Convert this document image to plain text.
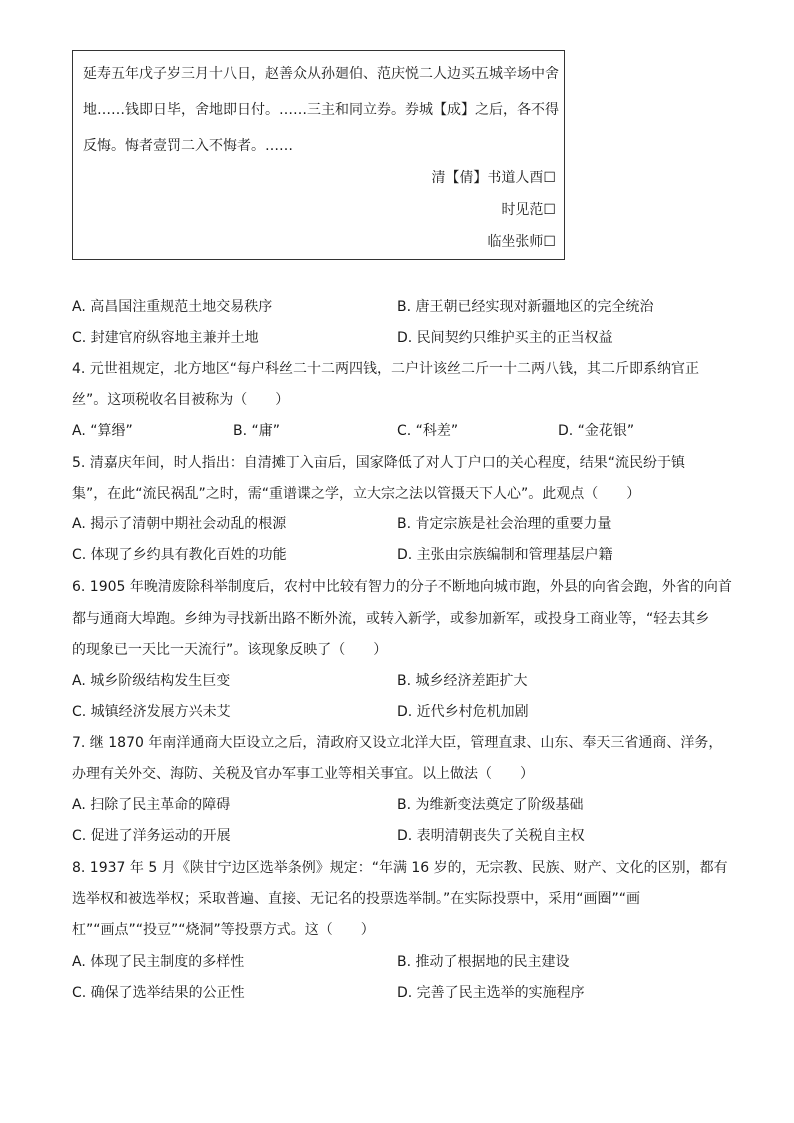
延寿五年戊子岁三月十八日，赵善众从孙廻伯、范庆悦二人边买五城辛场中舍
地……钱即日毕，舍地即日付。……三主和同立券。券城【成】之后，各不得
反悔。悔者壹罚二入不悔者。……
清【倩】书道人酉☐
时见范☐
临坐张师☐
A. 高昌国注重规范土地交易秩序	B. 唐王朝已经实现对新疆地区的完全统治
C. 封建官府纵容地主兼并土地	D. 民间契约只维护买主的正当权益
4. 元世祖规定，北方地区“每户科丝二十二两四钱，二户计该丝二斤一十二两八钱，其二斤即系纳官正
丝”。这项税收名目被称为（　　）
A. “算缗”	B. “庸”	C. “科差”	D. “金花银”
5. 清嘉庆年间，时人指出：自清摊丁入亩后，国家降低了对人丁户口的关心程度，结果“流民纷于镇
集”，在此“流民祸乱”之时，需“重谱谍之学，立大宗之法以管摄天下人心”。此观点（　　）
A. 揭示了清朝中期社会动乱的根源	B. 肯定宗族是社会治理的重要力量
C. 体现了乡约具有教化百姓的功能	D. 主张由宗族编制和管理基层户籍
6. 1905 年晚清废除科举制度后，农村中比较有智力的分子不断地向城市跑，外县的向省会跑，外省的向首
都与通商大埠跑。乡绅为寻找新出路不断外流，或转入新学，或参加新军，或投身工商业等，“轻去其乡
的现象已一天比一天流行”。该现象反映了（　　）
A. 城乡阶级结构发生巨变	B. 城乡经济差距扩大
C. 城镇经济发展方兴未艾	D. 近代乡村危机加剧
7. 继 1870 年南洋通商大臣设立之后，清政府又设立北洋大臣，管理直隶、山东、奉天三省通商、洋务，
办理有关外交、海防、关税及官办军事工业等相关事宜。以上做法（　　）
A. 扫除了民主革命的障碍	B. 为维新变法奠定了阶级基础
C. 促进了洋务运动的开展	D. 表明清朝丧失了关税自主权
8. 1937 年 5 月《陕甘宁边区选举条例》规定：“年满 16 岁的，无宗教、民族、财产、文化的区别，都有
选举权和被选举权；采取普遍、直接、无记名的投票选举制。”在实际投票中，采用“画圈”“画
杠”“画点”“投豆”“烧洞”等投票方式。这（　　）
A. 体现了民主制度的多样性	B. 推动了根据地的民主建设
C. 确保了选举结果的公正性	D. 完善了民主选举的实施程序
